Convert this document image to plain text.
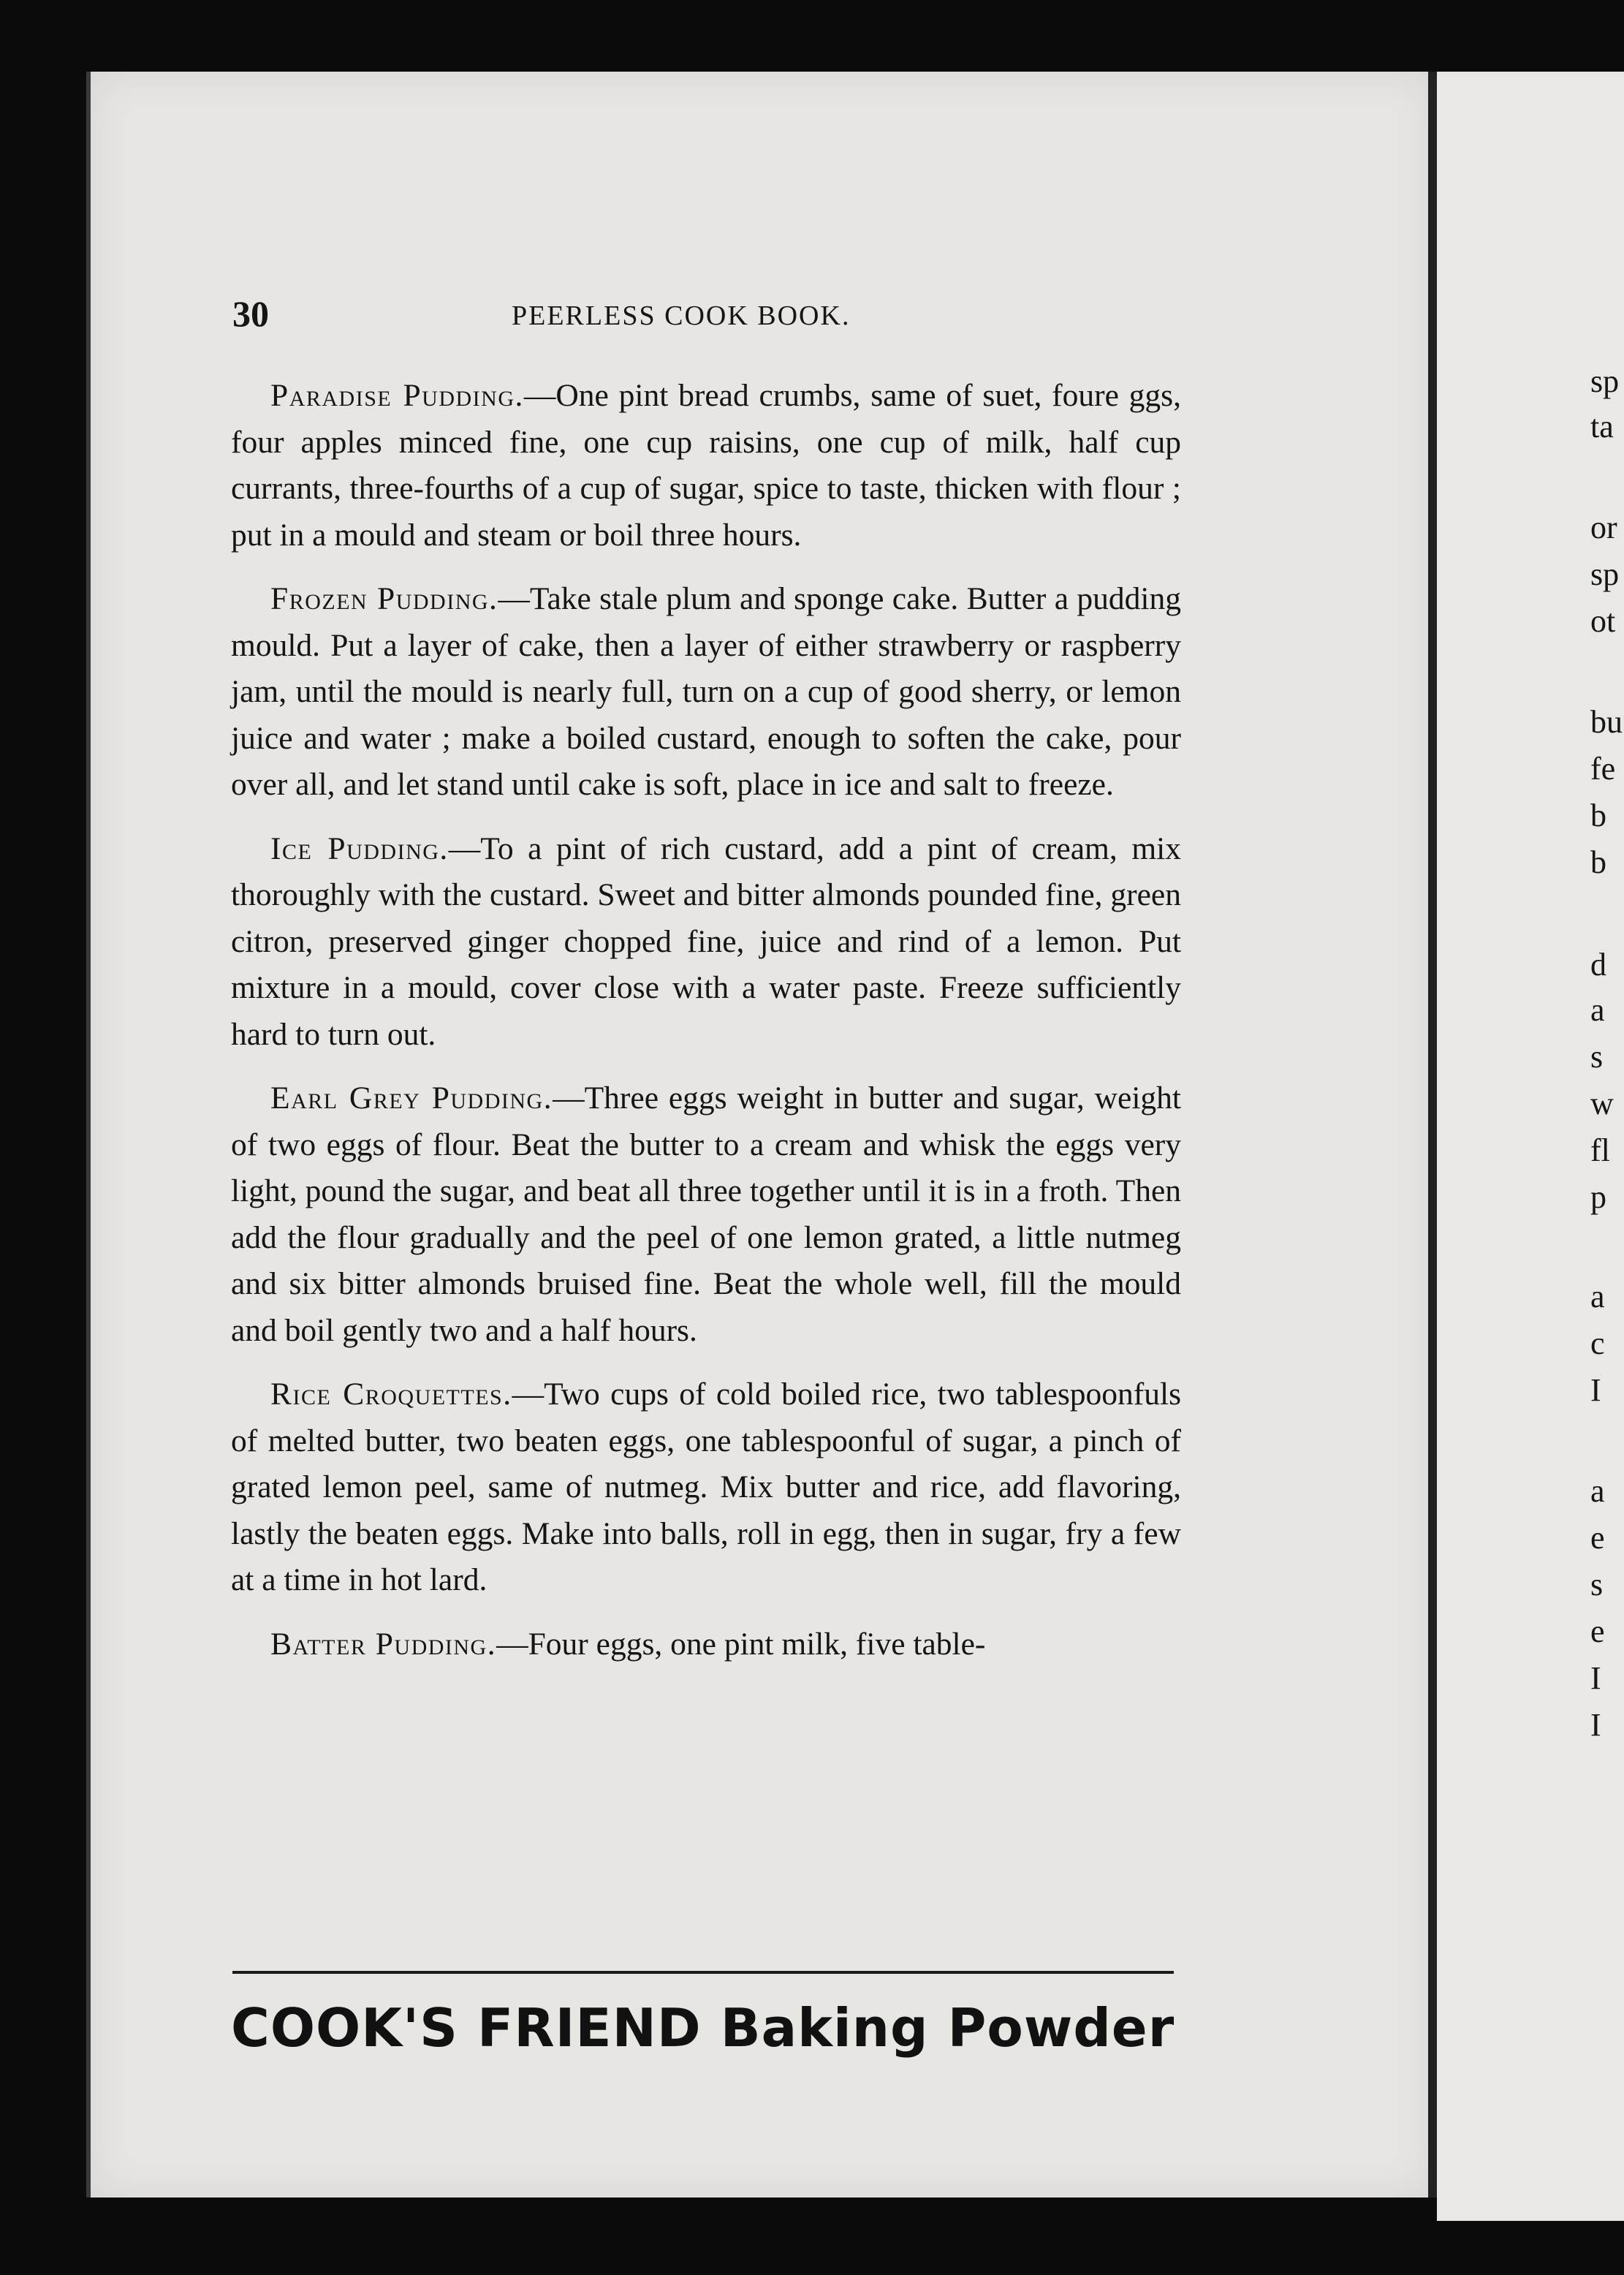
sp
ta
or
sp
ot
bu
fe
b
b
d
a
s
w
fl
p
a
c
I
a
e
s
e
I
I
30	PEERLESS COOK BOOK.

Paradise Pudding.—One pint bread crumbs, same of suet, foure ggs, four apples minced fine, one cup raisins, one cup of milk, half cup currants, three-fourths of a cup of sugar, spice to taste, thicken with flour ; put in a mould and steam or boil three hours.

Frozen Pudding.—Take stale plum and sponge cake. Butter a pudding mould. Put a layer of cake, then a layer of either strawberry or raspberry jam, until the mould is nearly full, turn on a cup of good sherry, or lemon juice and water ; make a boiled custard, enough to soften the cake, pour over all, and let stand until cake is soft, place in ice and salt to freeze.

Ice Pudding.—To a pint of rich custard, add a pint of cream, mix thoroughly with the custard. Sweet and bitter almonds pounded fine, green citron, preserved ginger chopped fine, juice and rind of a lemon. Put mixture in a mould, cover close with a water paste. Freeze sufficiently hard to turn out.

Earl Grey Pudding.—Three eggs weight in butter and sugar, weight of two eggs of flour. Beat the butter to a cream and whisk the eggs very light, pound the sugar, and beat all three together until it is in a froth. Then add the flour gradually and the peel of one lemon grated, a little nutmeg and six bitter almonds bruised fine. Beat the whole well, fill the mould and boil gently two and a half hours.

Rice Croquettes.—Two cups of cold boiled rice, two tablespoonfuls of melted butter, two beaten eggs, one tablespoonful of sugar, a pinch of grated lemon peel, same of nutmeg. Mix butter and rice, add flavoring, lastly the beaten eggs. Make into balls, roll in egg, then in sugar, fry a few at a time in hot lard.

Batter Pudding.—Four eggs, one pint milk, five table-

COOK'S FRIEND Baking Powder
